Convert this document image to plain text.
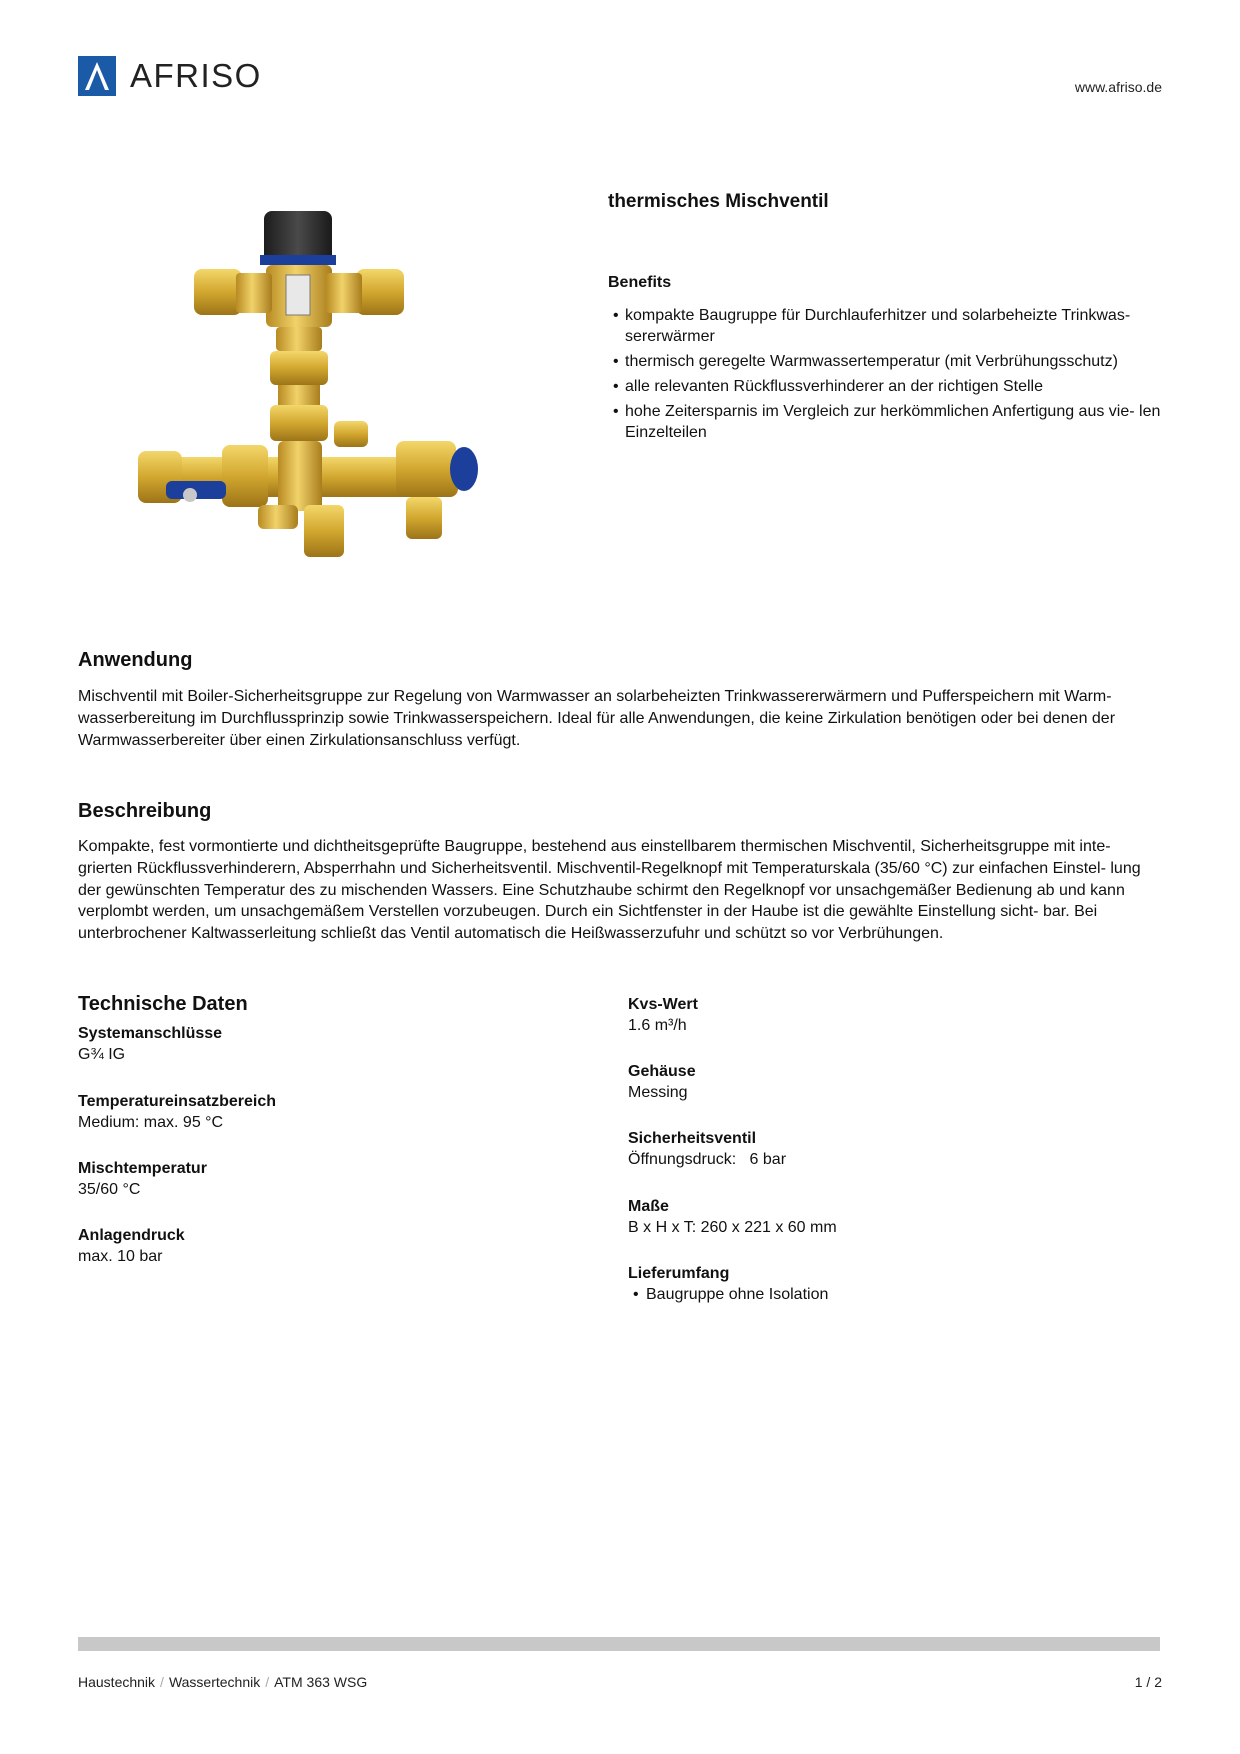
AFRISO	www.afriso.de
thermisches Mischventil
Benefits
• kompakte Baugruppe für Durchlauferhitzer und solarbeheizte Trinkwas- sererwärmer
• thermisch geregelte Warmwassertemperatur (mit Verbrühungsschutz)
• alle relevanten Rückflussverhinderer an der richtigen Stelle
• hohe Zeitersparnis im Vergleich zur herkömmlichen Anfertigung aus vie- len Einzelteilen
Anwendung
Mischventil mit Boiler-Sicherheitsgruppe zur Regelung von Warmwasser an solarbeheizten Trinkwassererwärmern und Pufferspeichern mit Warm- wasserbereitung im Durchflussprinzip sowie Trinkwasserspeichern. Ideal für alle Anwendungen, die keine Zirkulation benötigen oder bei denen der Warmwasserbereiter über einen Zirkulationsanschluss verfügt.
Beschreibung
Kompakte, fest vormontierte und dichtheitsgeprüfte Baugruppe, bestehend aus einstellbarem thermischen Mischventil, Sicherheitsgruppe mit inte- grierten Rückflussverhinderern, Absperrhahn und Sicherheitsventil. Mischventil-Regelknopf mit Temperaturskala (35/60 °C) zur einfachen Einstel- lung der gewünschten Temperatur des zu mischenden Wassers. Eine Schutzhaube schirmt den Regelknopf vor unsachgemäßer Bedienung ab und kann verplombt werden, um unsachgemäßem Verstellen vorzubeugen. Durch ein Sichtfenster in der Haube ist die gewählte Einstellung sicht- bar. Bei unterbrochener Kaltwasserleitung schließt das Ventil automatisch die Heißwasserzufuhr und schützt so vor Verbrühungen.
Technische Daten
Systemanschlüsse
G¾ IG
Temperatureinsatzbereich
Medium: max. 95 °C
Mischtemperatur
35/60 °C
Anlagendruck
max. 10 bar
Kvs-Wert
1.6 m³/h
Gehäuse
Messing
Sicherheitsventil
Öffnungsdruck:   6 bar
Maße
B x H x T: 260 x 221 x 60 mm
Lieferumfang
• Baugruppe ohne Isolation
Haustechnik / Wassertechnik / ATM 363 WSG	1 / 2
